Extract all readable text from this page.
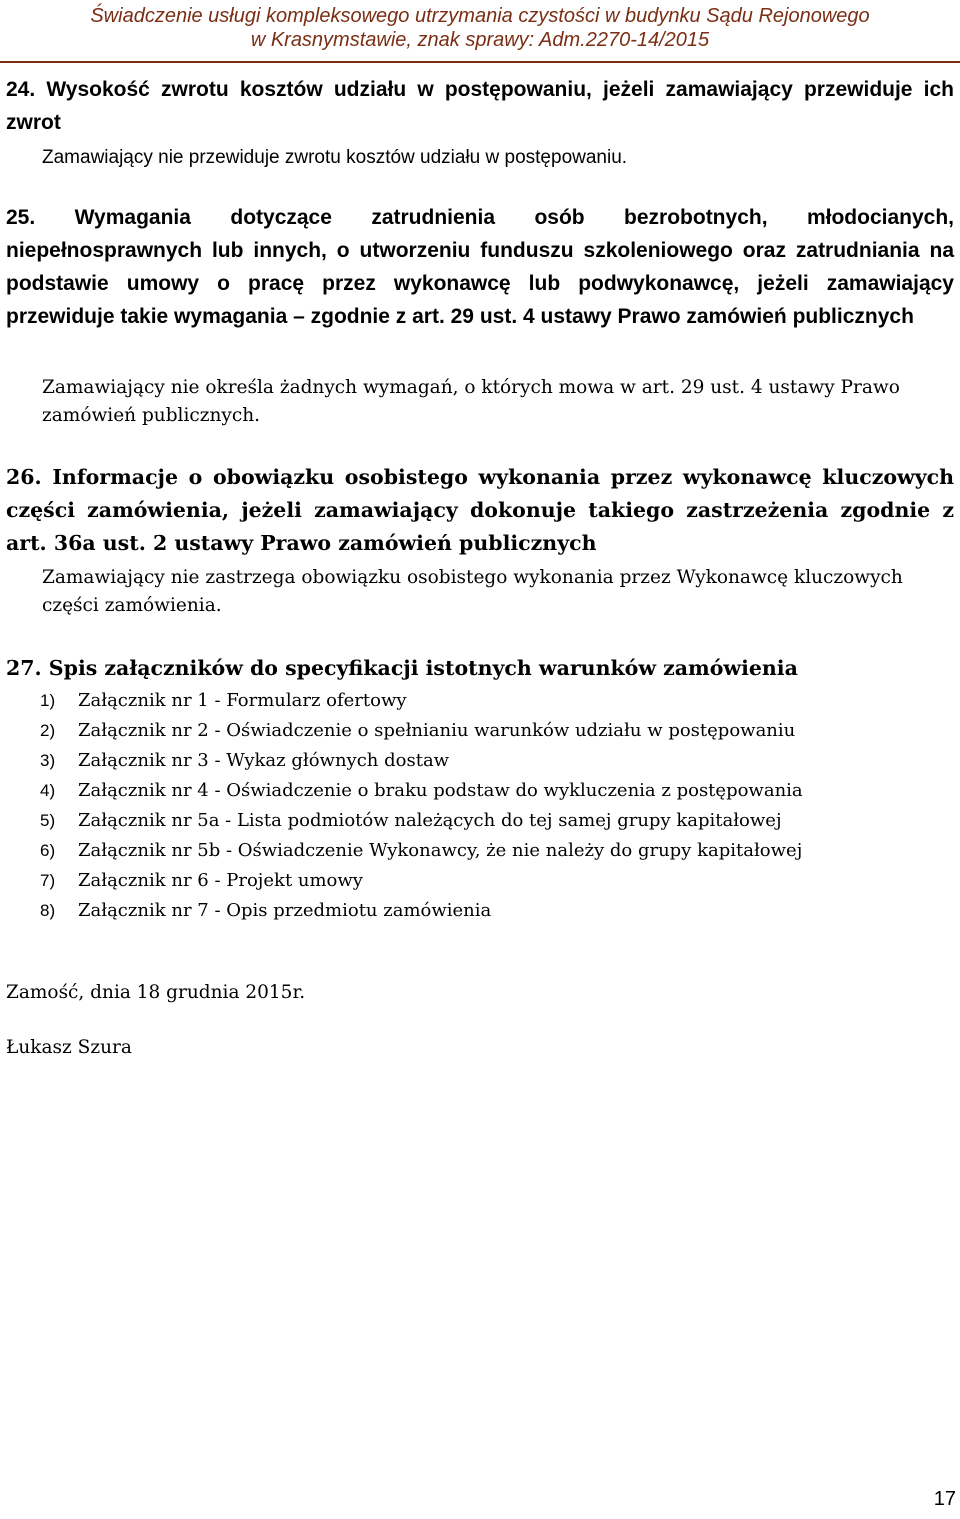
Świadczenie usługi kompleksowego utrzymania czystości w budynku Sądu Rejonowego
w Krasnymstawie, znak sprawy: Adm.2270-14/2015
24. Wysokość zwrotu kosztów udziału w postępowaniu, jeżeli zamawiający przewiduje ich zwrot
Zamawiający nie przewiduje zwrotu kosztów udziału w postępowaniu.
25. Wymagania dotyczące zatrudnienia osób bezrobotnych, młodocianych, niepełnosprawnych lub innych, o utworzeniu funduszu szkoleniowego oraz zatrudniania na podstawie umowy o pracę przez wykonawcę lub podwykonawcę, jeżeli zamawiający przewiduje takie wymagania – zgodnie z art. 29 ust. 4 ustawy Prawo zamówień publicznych
Zamawiający nie określa żadnych wymagań, o których mowa w art. 29 ust. 4 ustawy Prawo zamówień publicznych.
26. Informacje o obowiązku osobistego wykonania przez wykonawcę kluczowych części zamówienia, jeżeli zamawiający dokonuje takiego zastrzeżenia zgodnie z art. 36a ust. 2 ustawy Prawo zamówień publicznych
Zamawiający nie zastrzega obowiązku osobistego wykonania przez Wykonawcę kluczowych części zamówienia.
27. Spis załączników do specyfikacji istotnych warunków zamówienia
1) Załącznik nr 1 - Formularz ofertowy
2) Załącznik nr 2 - Oświadczenie o spełnianiu warunków udziału w postępowaniu
3) Załącznik nr 3 - Wykaz głównych dostaw
4) Załącznik nr 4 - Oświadczenie o braku podstaw do wykluczenia z postępowania
5) Załącznik nr 5a - Lista podmiotów należących do tej samej grupy kapitałowej
6) Załącznik nr 5b - Oświadczenie Wykonawcy, że nie należy do grupy kapitałowej
7) Załącznik nr 6 - Projekt umowy
8) Załącznik nr 7 - Opis przedmiotu zamówienia
Zamość, dnia 18 grudnia 2015r.
Łukasz Szura
17
